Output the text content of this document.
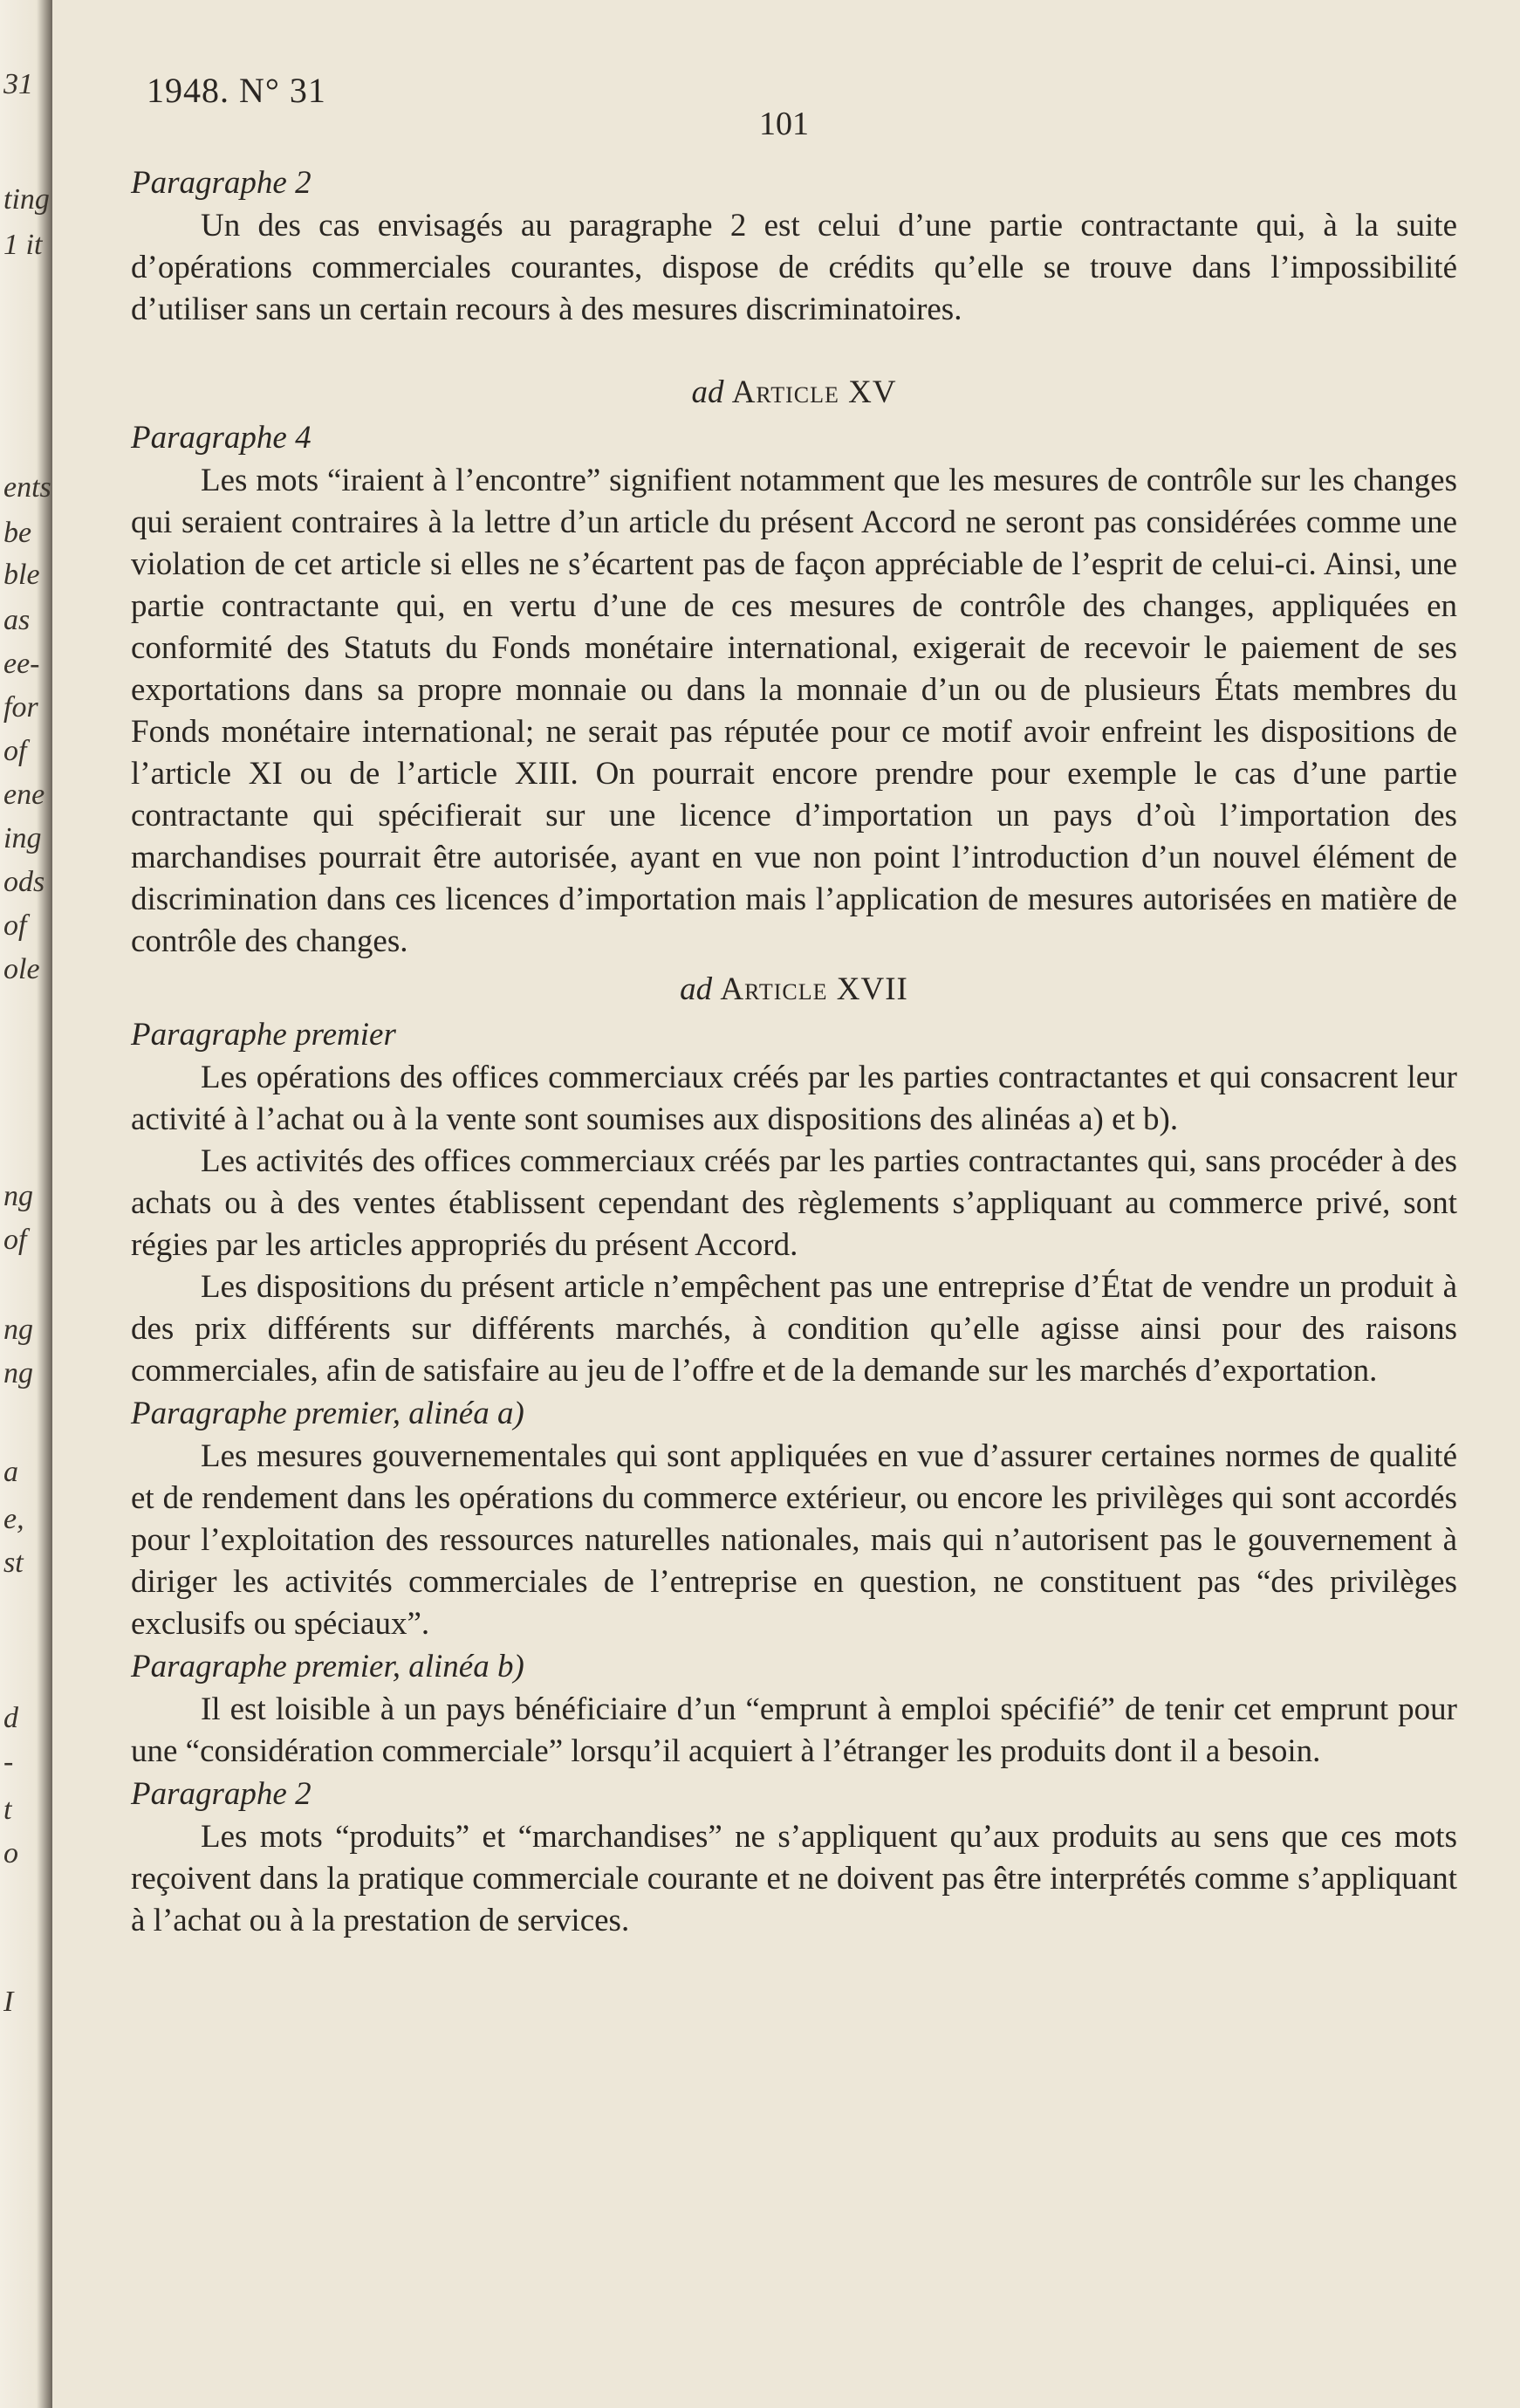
31
ting
1 it
ents
be
ble
as
ee-
for
of
ene
ing
ods
of
ole
ng
of
ng
ng
a
e,
st
d
-
t
o
I
1948. N° 31
101
Paragraphe 2

Un des cas envisagés au paragraphe 2 est celui d’une partie contractante qui, à la suite d’opérations commerciales courantes, dispose de crédits qu’elle se trouve dans l’impossibilité d’utiliser sans un certain recours à des mesures discriminatoires.

ad Article XV
Paragraphe 4

Les mots “iraient à l’encontre” signifient notamment que les mesures de contrôle sur les changes qui seraient contraires à la lettre d’un article du présent Accord ne seront pas considérées comme une violation de cet article si elles ne s’écartent pas de façon appréciable de l’esprit de celui-ci. Ainsi, une partie contractante qui, en vertu d’une de ces mesures de contrôle des changes, appliquées en conformité des Statuts du Fonds monétaire international, exigerait de recevoir le paiement de ses exportations dans sa propre monnaie ou dans la monnaie d’un ou de plusieurs États membres du Fonds monétaire international; ne serait pas réputée pour ce motif avoir enfreint les dispositions de l’article XI ou de l’article XIII. On pourrait encore prendre pour exemple le cas d’une partie contractante qui spécifierait sur une licence d’importation un pays d’où l’importation des marchandises pourrait être autorisée, ayant en vue non point l’introduction d’un nouvel élément de discrimination dans ces licences d’importation mais l’application de mesures autorisées en matière de contrôle des changes.

ad Article XVII
Paragraphe premier

Les opérations des offices commerciaux créés par les parties contractantes et qui consacrent leur activité à l’achat ou à la vente sont soumises aux dispositions des alinéas a) et b).

Les activités des offices commerciaux créés par les parties contractantes qui, sans procéder à des achats ou à des ventes établissent cependant des règlements s’appliquant au commerce privé, sont régies par les articles appropriés du présent Accord.

Les dispositions du présent article n’empêchent pas une entreprise d’État de vendre un produit à des prix différents sur différents marchés, à condition qu’elle agisse ainsi pour des raisons commerciales, afin de satisfaire au jeu de l’offre et de la demande sur les marchés d’exportation.

Paragraphe premier, alinéa a)

Les mesures gouvernementales qui sont appliquées en vue d’assurer certaines normes de qualité et de rendement dans les opérations du commerce extérieur, ou encore les privilèges qui sont accordés pour l’exploitation des ressources naturelles nationales, mais qui n’autorisent pas le gouvernement à diriger les activités commerciales de l’entreprise en question, ne constituent pas “des privilèges exclusifs ou spéciaux”.

Paragraphe premier, alinéa b)

Il est loisible à un pays bénéficiaire d’un “emprunt à emploi spécifié” de tenir cet emprunt pour une “considération commerciale” lorsqu’il acquiert à l’étranger les produits dont il a besoin.

Paragraphe 2

Les mots “produits” et “marchandises” ne s’appliquent qu’aux produits au sens que ces mots reçoivent dans la pratique commerciale courante et ne doivent pas être interprétés comme s’appliquant à l’achat ou à la prestation de services.
